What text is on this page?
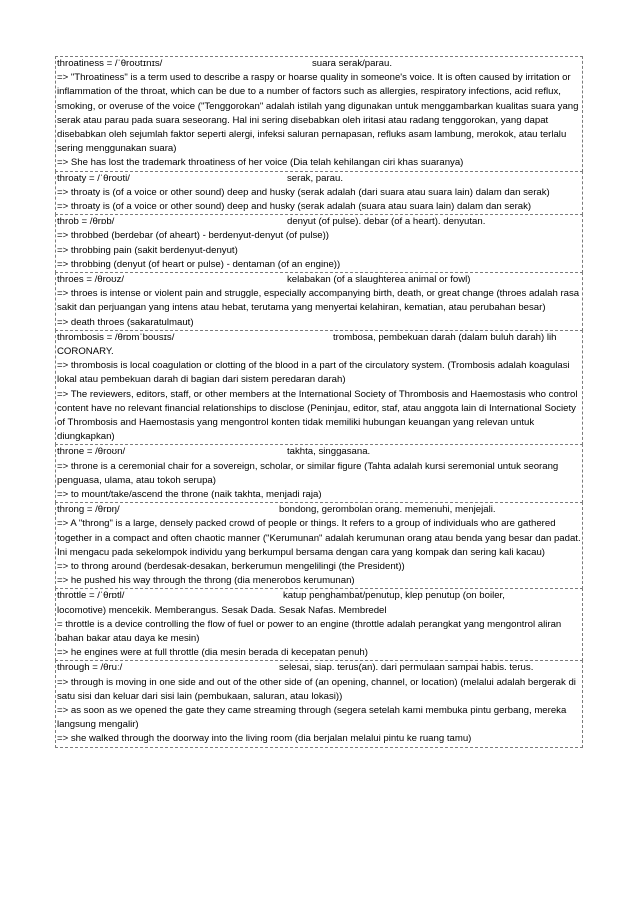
throatiness = /ˈθroʊtɪnɪs/	suara serak/parau.
=> "Throatiness" is a term used to describe a raspy or hoarse quality in someone's voice. It is often caused by irritation or inflammation of the throat, which can be due to a number of factors such as allergies, respiratory infections, acid reflux, smoking, or overuse of the voice ("Tenggorokan" adalah istilah yang digunakan untuk menggambarkan kualitas suara yang serak atau parau pada suara seseorang. Hal ini sering disebabkan oleh iritasi atau radang tenggorokan, yang dapat disebabkan oleh sejumlah faktor seperti alergi, infeksi saluran pernapasan, refluks asam lambung, merokok, atau terlalu sering menggunakan suara)
=> She has lost the trademark throatiness of her voice (Dia telah kehilangan ciri khas suaranya)
throaty = /ˈθroʊti/	serak, parau.
=> throaty is (of a voice or other sound) deep and husky (serak adalah (dari suara atau suara lain) dalam dan serak)
=> throaty is (of a voice or other sound) deep and husky (serak adalah (suara atau suara lain) dalam dan serak)
throb = /θrɒb/	denyut (of pulse). debar (of a heart). denyutan.
=> throbbed (berdebar (of aheart) - berdenyut-denyut (of pulse))
=> throbbing pain (sakit berdenyut-denyut)
=> throbbing (denyut (of heart or pulse) - dentaman (of an engine))
throes = /θroʊz/	kelabakan (of a slaughterea animal or fowl)
=> throes is intense or violent pain and struggle, especially accompanying birth, death, or great change (throes adalah rasa sakit dan perjuangan yang intens atau hebat, terutama yang menyertai kelahiran, kematian, atau perubahan besar)
=> death throes (sakaratulmaut)
thrombosis = /θrɒmˈboʊsɪs/	trombosa, pembekuan darah (dalam buluh darah) lih
CORONARY.
=> thrombosis is local coagulation or clotting of the blood in a part of the circulatory system. (Trombosis adalah koagulasi lokal atau pembekuan darah di bagian dari sistem peredaran darah)
=> The reviewers, editors, staff, or other members at the International Society of Thrombosis and Haemostasis who control content have no relevant financial relationships to disclose (Peninjau, editor, staf, atau anggota lain di International Society of Thrombosis and Haemostasis yang mengontrol konten tidak memiliki hubungan keuangan yang relevan untuk diungkapkan)
throne = /θroʊn/	takhta, singgasana.
=> throne is a ceremonial chair for a sovereign, scholar, or similar figure (Tahta adalah kursi seremonial untuk seorang penguasa, ulama, atau tokoh serupa)
=> to mount/take/ascend the throne (naik takhta, menjadi raja)
throng = /θrɒŋ/	bondong, gerombolan orang. memenuhi, menjejali.
=> A "throng" is a large, densely packed crowd of people or things. It refers to a group of individuals who are gathered together in a compact and often chaotic manner ("Kerumunan" adalah kerumunan orang atau benda yang besar dan padat. Ini mengacu pada sekelompok individu yang berkumpul bersama dengan cara yang kompak dan sering kali kacau)
=> to throng around (berdesak-desakan, berkerumun mengelilingi (the President))
=> he pushed his way through the throng (dia menerobos kerumunan)
throttle = /ˈθrɒtl/	katup penghambat/penutup, klep penutup (on boiler,
locomotive) mencekik. Memberangus. Sesak Dada. Sesak Nafas. Membredel
= throttle is a device controlling the flow of fuel or power to an engine (throttle adalah perangkat yang mengontrol aliran bahan bakar atau daya ke mesin)
=> he engines were at full throttle (dia mesin berada di kecepatan penuh)
through = /θruː/	selesai, siap. terus(an). dari permulaan sampai habis. terus.
=> through is moving in one side and out of the other side of (an opening, channel, or location) (melalui adalah bergerak di satu sisi dan keluar dari sisi lain (pembukaan, saluran, atau lokasi))
=> as soon as we opened the gate they came streaming through (segera setelah kami membuka pintu gerbang, mereka langsung mengalir)
=> she walked through the doorway into the living room (dia berjalan melalui pintu ke ruang tamu)
